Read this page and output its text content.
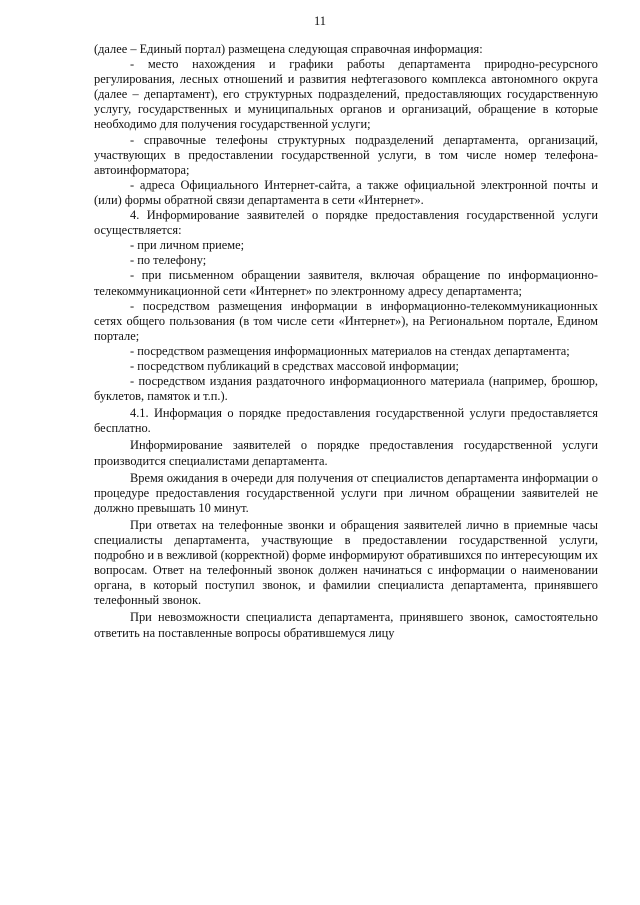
11

(далее – Единый портал) размещена следующая справочная информация:

- место нахождения и графики работы департамента природно-ресурсного регулирования, лесных отношений и развития нефтегазового комплекса автономного округа (далее – департамент), его структурных подразделений, предоставляющих государственную услугу, государственных и муниципальных органов и организаций, обращение в которые необходимо для получения государственной услуги;

- справочные телефоны структурных подразделений департамента, организаций, участвующих в предоставлении государственной услуги, в том числе номер телефона-автоинформатора;

- адреса Официального Интернет-сайта, а также официальной электронной почты и (или) формы обратной связи департамента в сети «Интернет».

4. Информирование заявителей о порядке предоставления государственной услуги осуществляется:

- при личном приеме;

- по телефону;

- при письменном обращении заявителя, включая обращение по информационно-телекоммуникационной сети «Интернет» по электронному адресу департамента;

- посредством размещения информации в информационно-телекоммуникационных сетях общего пользования (в том числе сети «Интернет»), на Региональном портале, Едином портале;

- посредством размещения информационных материалов на стендах департамента;

- посредством публикаций в средствах массовой информации;

- посредством издания раздаточного информационного материала (например, брошюр, буклетов, памяток и т.п.).

4.1. Информация о порядке предоставления государственной услуги предоставляется бесплатно.

Информирование заявителей о порядке предоставления государственной услуги производится специалистами департамента.

Время ожидания в очереди для получения от специалистов департамента информации о процедуре предоставления государственной услуги при личном обращении заявителей не должно превышать 10 минут.

При ответах на телефонные звонки и обращения заявителей лично в приемные часы специалисты департамента, участвующие в предоставлении государственной услуги, подробно и в вежливой (корректной) форме информируют обратившихся по интересующим их вопросам. Ответ на телефонный звонок должен начинаться с информации о наименовании органа, в который поступил звонок, и фамилии специалиста департамента, принявшего телефонный звонок.

При невозможности специалиста департамента, принявшего звонок, самостоятельно ответить на поставленные вопросы обратившемуся лицу
